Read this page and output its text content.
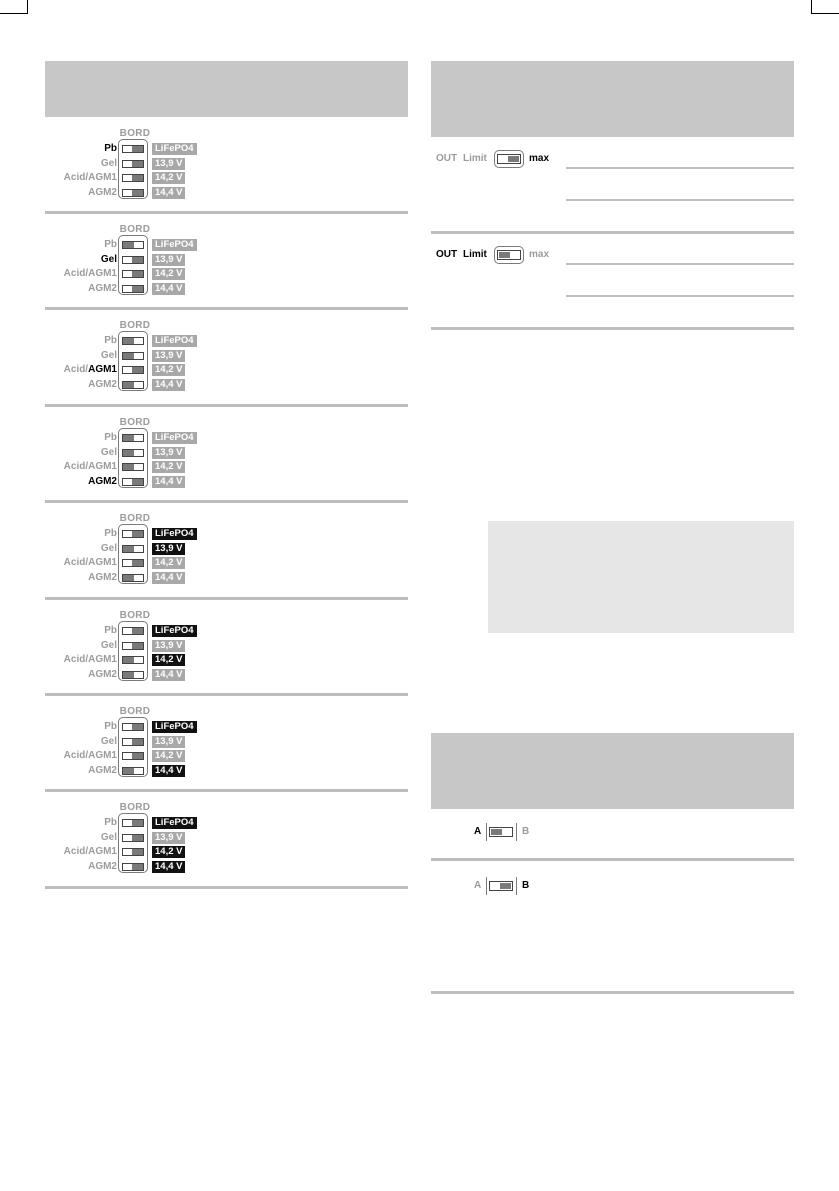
BORD
Pb	LiFePO4
Gel	13,9 V
Acid/AGM1	14,2 V
AGM2	14,4 V
BORD
Pb	LiFePO4
Gel	13,9 V
Acid/AGM1	14,2 V
AGM2	14,4 V
BORD
Pb	LiFePO4
Gel	13,9 V
Acid/AGM1	14,2 V
AGM2	14,4 V
BORD
Pb	LiFePO4
Gel	13,9 V
Acid/AGM1	14,2 V
AGM2	14,4 V
BORD
Pb	LiFePO4
Gel	13,9 V
Acid/AGM1	14,2 V
AGM2	14,4 V
BORD
Pb	LiFePO4
Gel	13,9 V
Acid/AGM1	14,2 V
AGM2	14,4 V
BORD
Pb	LiFePO4
Gel	13,9 V
Acid/AGM1	14,2 V
AGM2	14,4 V
BORD
Pb	LiFePO4
Gel	13,9 V
Acid/AGM1	14,2 V
AGM2	14,4 V
OUT Limit	max
OUT Limit	max
A	B
A	B
